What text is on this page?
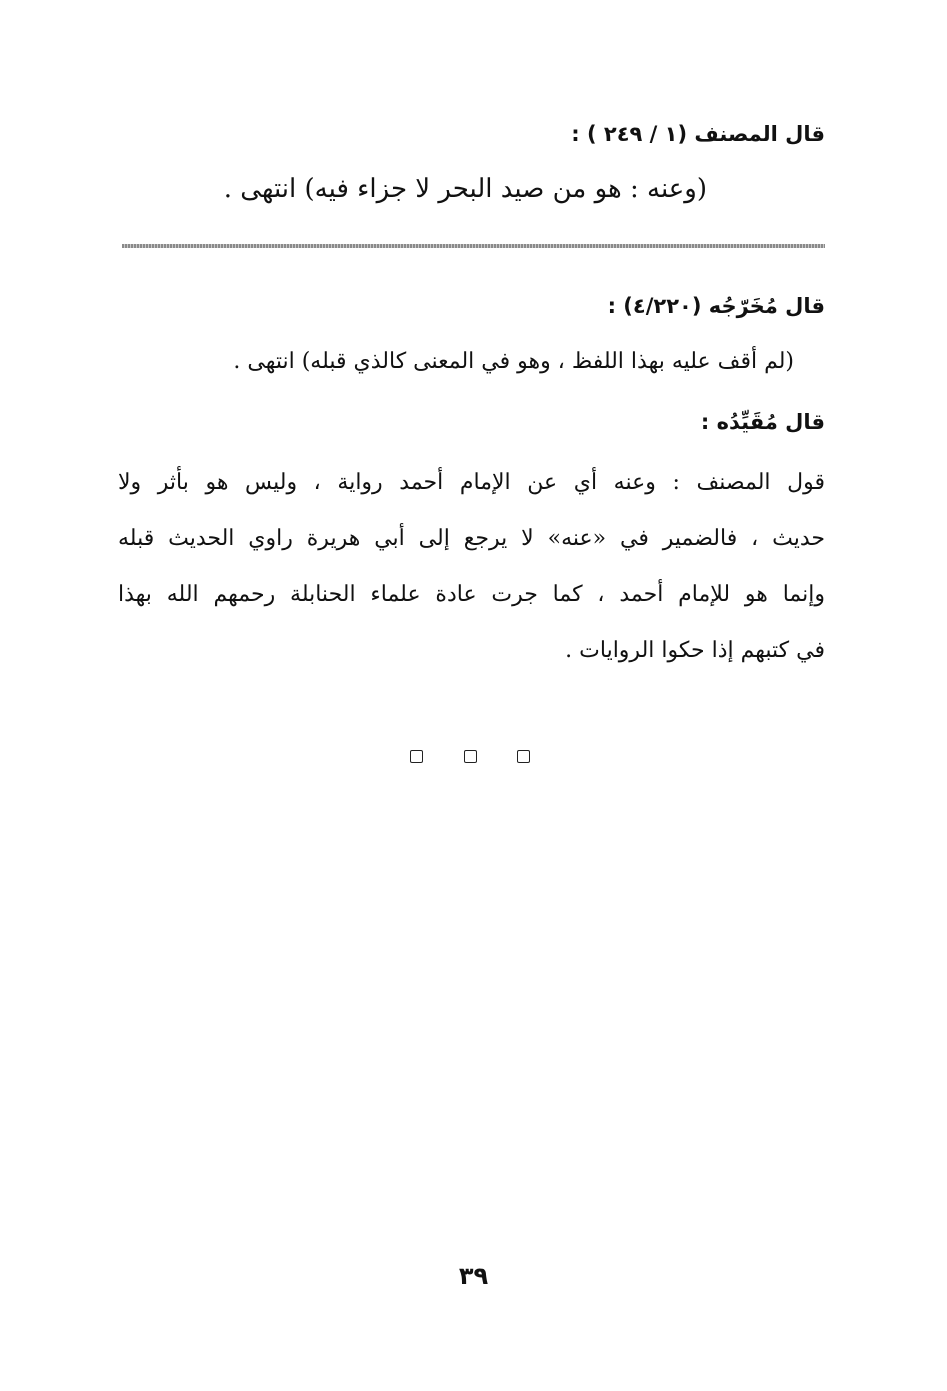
قال المصنف (١ / ٢٤٩ ) :
(وعنه : هو من صيد البحر لا جزاء فيه) انتهى .
قال مُخَرّجُه (٤/٢٢٠) :
(لم أقف عليه بهذا اللفظ ، وهو في المعنى كالذي قبله) انتهى .
قال مُقَيِّدُه :
قول المصنف : وعنه أي عن الإمام أحمد رواية ، وليس هو بأثر ولا
حديث ، فالضمير في «عنه» لا يرجع إلى أبي هريرة راوي الحديث قبله
وإنما هو للإمام أحمد ، كما جرت عادة علماء الحنابلة رحمهم الله بهذا
في كتبهم إذا حكوا الروايات .
٣٩
